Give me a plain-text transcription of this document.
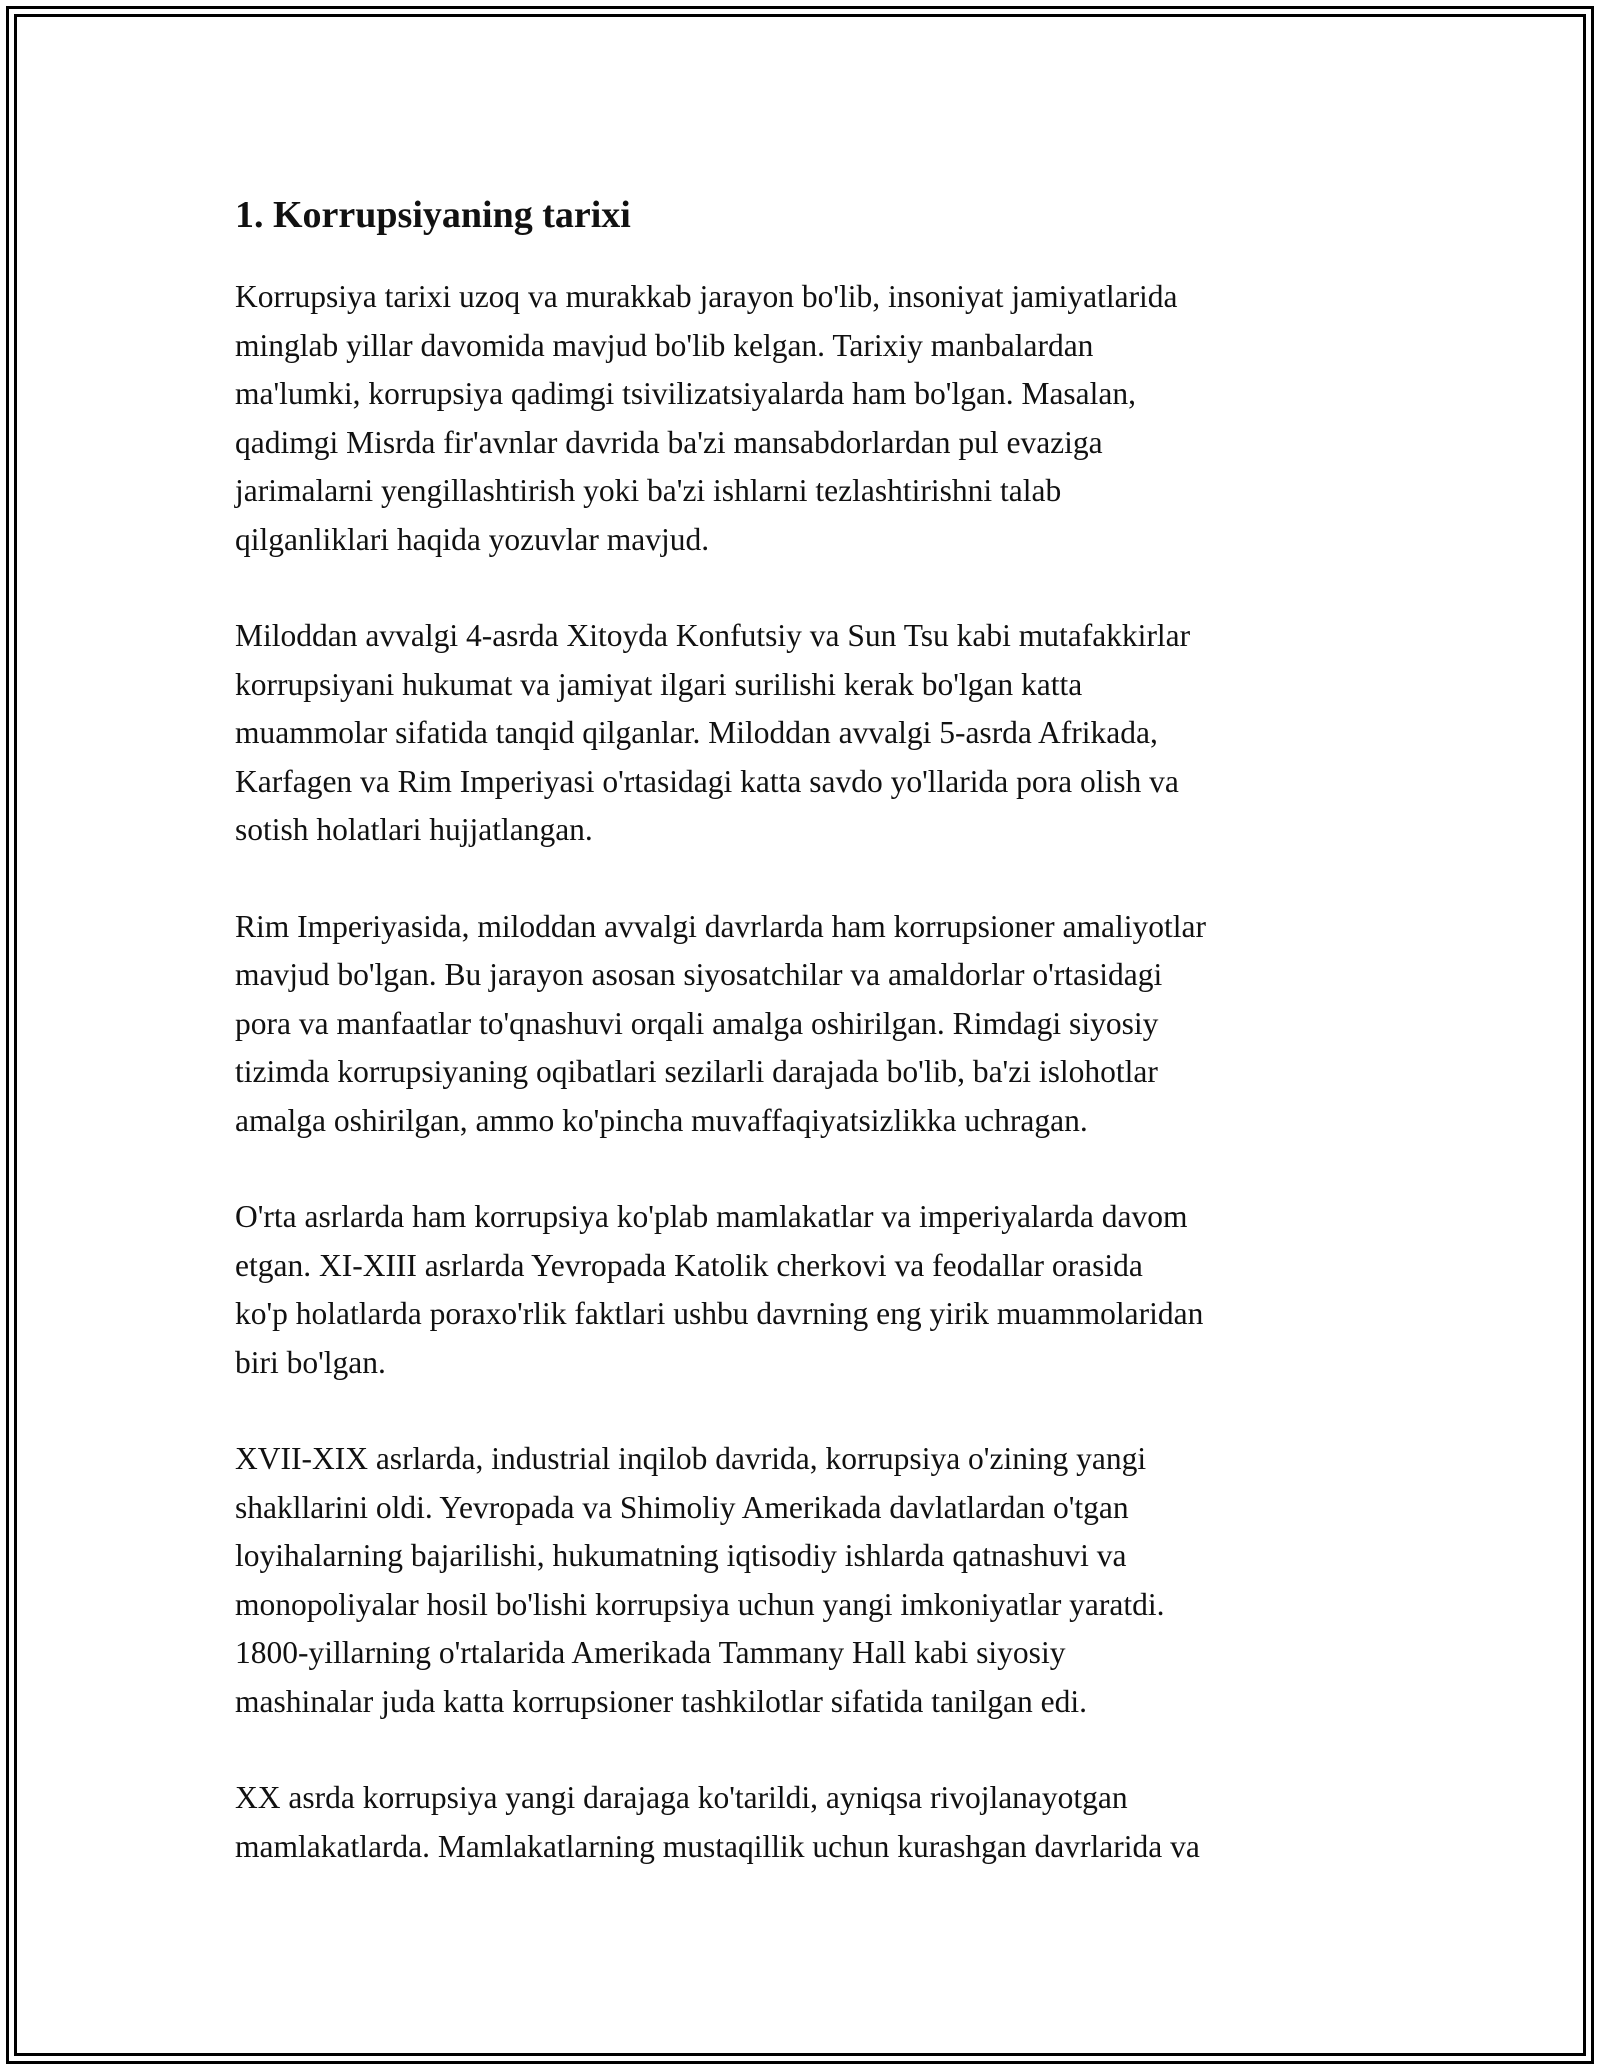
1. Korrupsiyaning tarixi

Korrupsiya tarixi uzoq va murakkab jarayon bo'lib, insoniyat jamiyatlarida
minglab yillar davomida mavjud bo'lib kelgan. Tarixiy manbalardan
ma'lumki, korrupsiya qadimgi tsivilizatsiyalarda ham bo'lgan. Masalan,
qadimgi Misrda fir'avnlar davrida ba'zi mansabdorlardan pul evaziga
jarimalarni yengillashtirish yoki ba'zi ishlarni tezlashtirishni talab
qilganliklari haqida yozuvlar mavjud.

Miloddan avvalgi 4-asrda Xitoyda Konfutsiy va Sun Tsu kabi mutafakkirlar
korrupsiyani hukumat va jamiyat ilgari surilishi kerak bo'lgan katta
muammolar sifatida tanqid qilganlar. Miloddan avvalgi 5-asrda Afrikada,
Karfagen va Rim Imperiyasi o'rtasidagi katta savdo yo'llarida pora olish va
sotish holatlari hujjatlangan.

Rim Imperiyasida, miloddan avvalgi davrlarda ham korrupsioner amaliyotlar
mavjud bo'lgan. Bu jarayon asosan siyosatchilar va amaldorlar o'rtasidagi
pora va manfaatlar to'qnashuvi orqali amalga oshirilgan. Rimdagi siyosiy
tizimda korrupsiyaning oqibatlari sezilarli darajada bo'lib, ba'zi islohotlar
amalga oshirilgan, ammo ko'pincha muvaffaqiyatsizlikka uchragan.

O'rta asrlarda ham korrupsiya ko'plab mamlakatlar va imperiyalarda davom
etgan. XI-XIII asrlarda Yevropada Katolik cherkovi va feodallar orasida
ko'p holatlarda poraxo'rlik faktlari ushbu davrning eng yirik muammolaridan
biri bo'lgan.

XVII-XIX asrlarda, industrial inqilob davrida, korrupsiya o'zining yangi
shakllarini oldi. Yevropada va Shimoliy Amerikada davlatlardan o'tgan
loyihalarning bajarilishi, hukumatning iqtisodiy ishlarda qatnashuvi va
monopoliyalar hosil bo'lishi korrupsiya uchun yangi imkoniyatlar yaratdi.
1800-yillarning o'rtalarida Amerikada Tammany Hall kabi siyosiy
mashinalar juda katta korrupsioner tashkilotlar sifatida tanilgan edi.

XX asrda korrupsiya yangi darajaga ko'tarildi, ayniqsa rivojlanayotgan
mamlakatlarda. Mamlakatlarning mustaqillik uchun kurashgan davrlarida va
